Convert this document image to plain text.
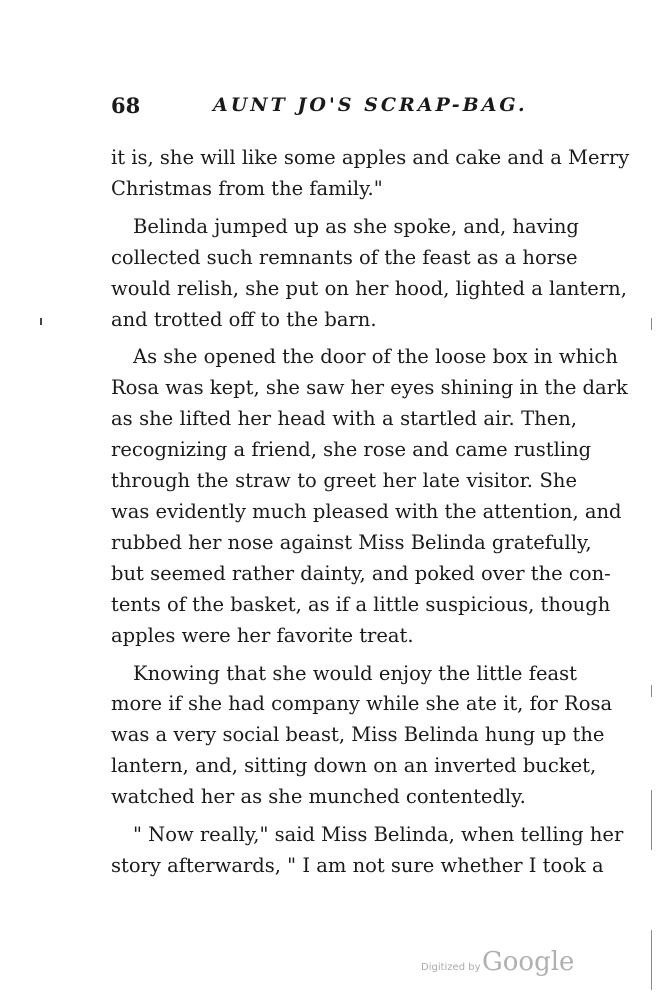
68	AUNT JO'S SCRAP-BAG.

it is, she will like some apples and cake and a Merry

Christmas from the family."

Belinda jumped up as she spoke, and, having

collected such remnants of the feast as a horse

would relish, she put on her hood, lighted a lantern,

and trotted off to the barn.

As she opened the door of the loose box in which

Rosa was kept, she saw her eyes shining in the dark

as she lifted her head with a startled air. Then,

recognizing a friend, she rose and came rustling

through the straw to greet her late visitor. She

was evidently much pleased with the attention, and

rubbed her nose against Miss Belinda gratefully,

but seemed rather dainty, and poked over the con-

tents of the basket, as if a little suspicious, though

apples were her favorite treat.

Knowing that she would enjoy the little feast

more if she had company while she ate it, for Rosa

was a very social beast, Miss Belinda hung up the

lantern, and, sitting down on an inverted bucket,

watched her as she munched contentedly.

" Now really," said Miss Belinda, when telling her

story afterwards, " I am not sure whether I took a

Digitized by Google
